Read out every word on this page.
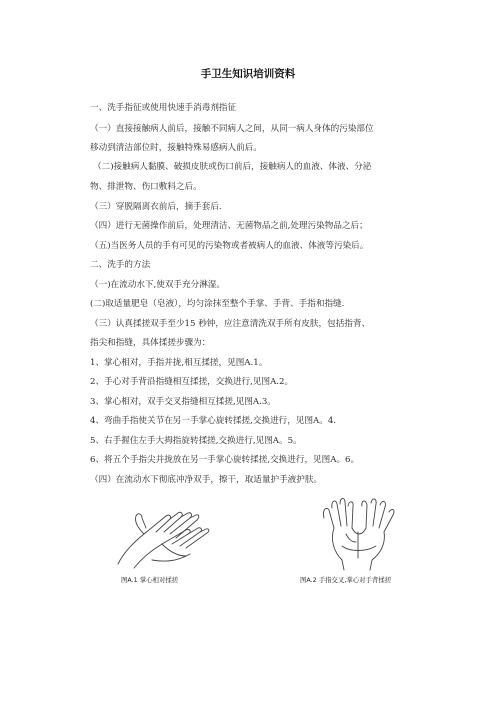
手卫生知识培训资料
一、洗手指征或使用快速手消毒剂指征
（一）直接接触病人前后，接触不同病人之间，从同一病人身体的污染部位
移动到清洁部位时，接触特殊易感病人前后。
（二)接触病人黏膜、破损皮肤或伤口前后，接触病人的血液、体液、分泌
物、排泄物、伤口敷料之后。
（三）穿脱隔离衣前后，摘手套后.
（四）进行无菌操作前后，处理清洁、无菌物品之前,处理污染物品之后；
（五)当医务人员的手有可见的污染物或者被病人的血液、体液等污染后。
二、洗手的方法
（一)在流动水下,使双手充分淋湿。
(二)取适量肥皂（皂液），均匀涂抹至整个手掌、手背、手指和指缝.
（三）认真揉搓双手至少15 秒钟，应注意清洗双手所有皮肤，包括指背、
指尖和指缝，具体揉搓步骤为：
1、掌心相对，手指并拢,相互揉搓，见图A.1。
2、手心对手背沿指缝相互揉搓，交换进行,见图A.2。
3、掌心相对，双手交叉指缝相互揉搓,见图A.3。
4、弯曲手指使关节在另一手掌心旋转揉搓,交换进行，见图A。4.
5、右手握住左手大拇指旋转揉搓,交换进行,见图A。5。
6、将五个手指尖并拢放在另一手掌心旋转揉搓,交换进行，见图A。6。
（四）在流动水下彻底冲净双手，擦干，取适量护手液护肤。
图A.1 掌心相对揉搓	图A.2 手指交叉,掌心对手背揉搓
